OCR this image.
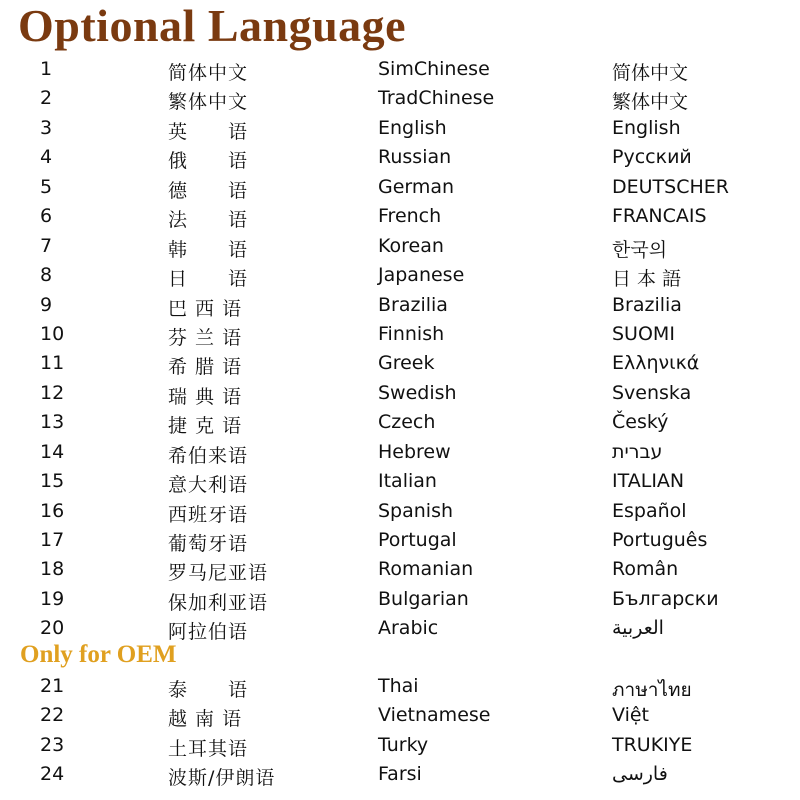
Optional Language
1	简体中文	SimChinese	简体中文
2	繁体中文	TradChinese	繁体中文
3	英　　语	English	English
4	俄　　语	Russian	Русский
5	德　　语	German	DEUTSCHER
6	法　　语	French	FRANCAIS
7	韩　　语	Korean	한국의
8	日　　语	Japanese	日 本 語
9	巴 西 语	Brazilia	Brazilia
10	芬 兰 语	Finnish	SUOMI
11	希 腊 语	Greek	Ελληνικά
12	瑞 典 语	Swedish	Svenska
13	捷 克 语	Czech	Český
14	希伯来语	Hebrew	עברית
15	意大利语	Italian	ITALIAN
16	西班牙语	Spanish	Español
17	葡萄牙语	Portugal	Português
18	罗马尼亚语	Romanian	Român
19	保加利亚语	Bulgarian	Български
20	阿拉伯语	Arabic	العربية
Only for OEM
21	泰　　语	Thai	ภาษาไทย
22	越 南 语	Vietnamese	Việt
23	土耳其语	Turky	TRUKIYE
24	波斯/伊朗语	Farsi	فارسی
